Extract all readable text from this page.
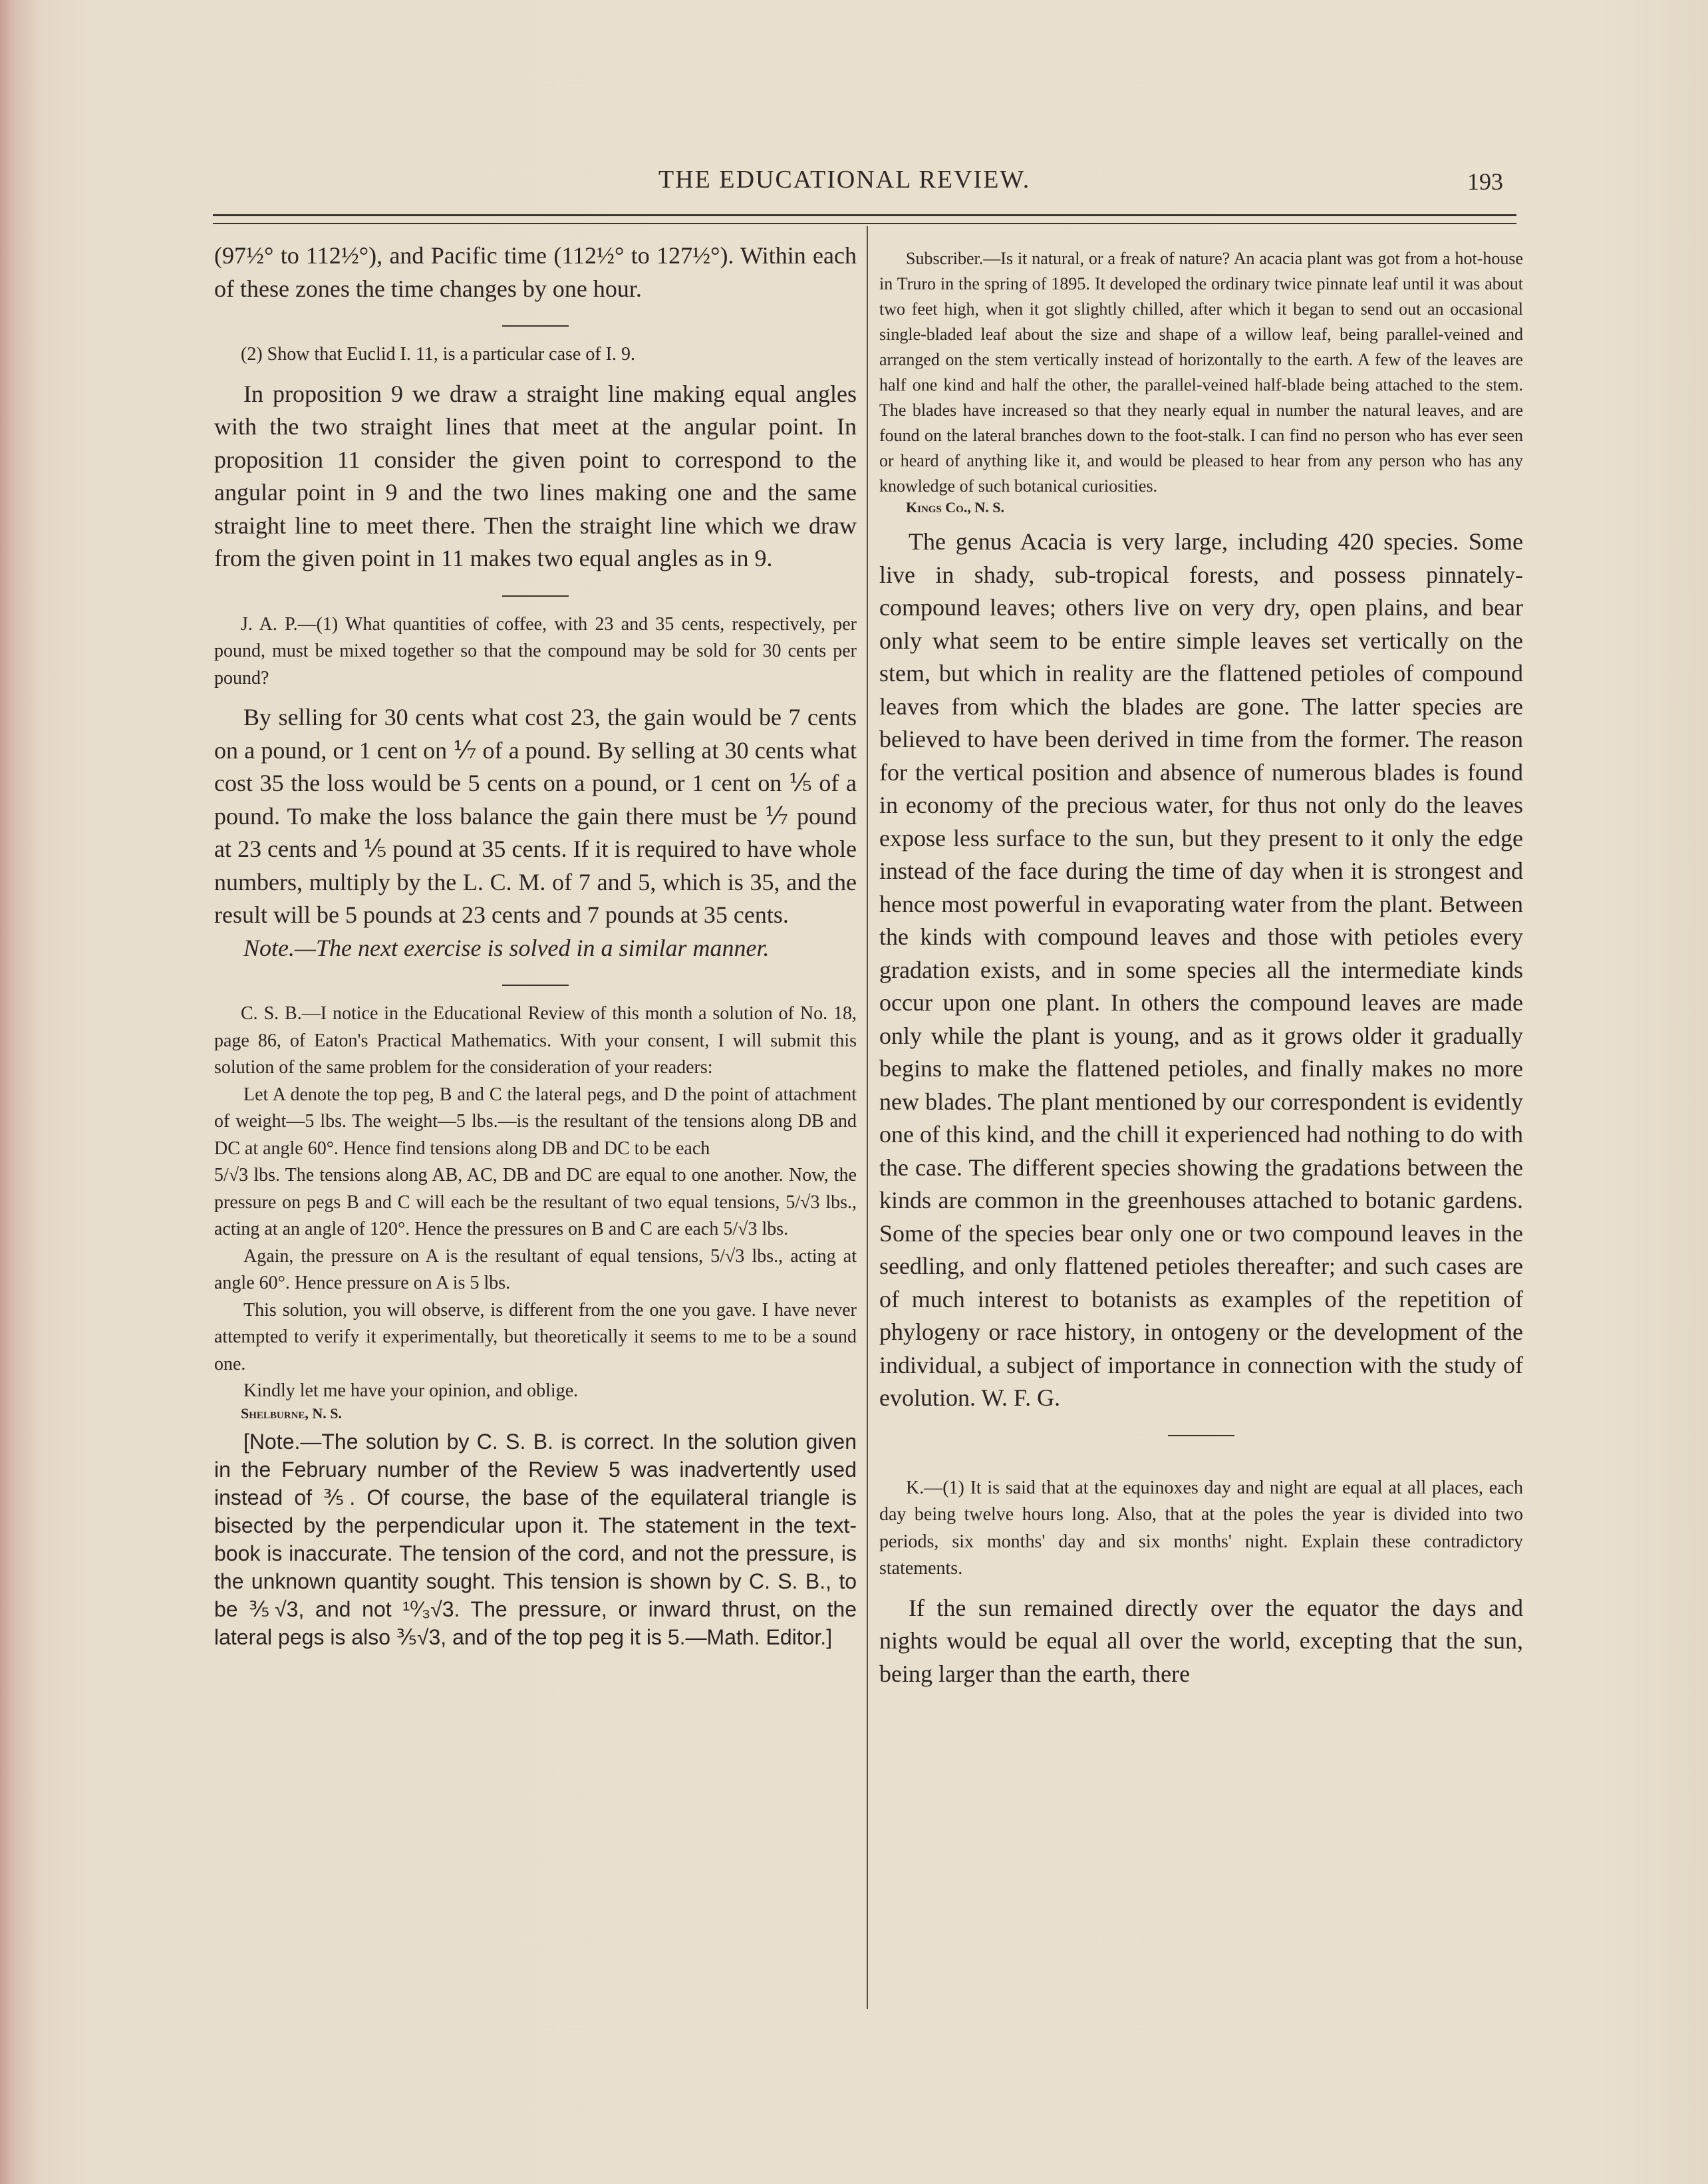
THE EDUCATIONAL REVIEW.	193

(97½° to 112½°), and Pacific time (112½° to 127½°). Within each of these zones the time changes by one hour.

(2) Show that Euclid I. 11, is a particular case of I. 9.

In proposition 9 we draw a straight line making equal angles with the two straight lines that meet at the angular point. In proposition 11 consider the given point to correspond to the angular point in 9 and the two lines making one and the same straight line to meet there. Then the straight line which we draw from the given point in 11 makes two equal angles as in 9.

J. A. P.—(1) What quantities of coffee, with 23 and 35 cents, respectively, per pound, must be mixed together so that the compound may be sold for 30 cents per pound?

By selling for 30 cents what cost 23, the gain would be 7 cents on a pound, or 1 cent on ⅐ of a pound. By selling at 30 cents what cost 35 the loss would be 5 cents on a pound, or 1 cent on ⅕ of a pound. To make the loss balance the gain there must be ⅐ pound at 23 cents and ⅕ pound at 35 cents. If it is required to have whole numbers, multiply by the L. C. M. of 7 and 5, which is 35, and the result will be 5 pounds at 23 cents and 7 pounds at 35 cents.

Note.—The next exercise is solved in a similar manner.

C. S. B.—I notice in the Educational Review of this month a solution of No. 18, page 86, of Eaton's Practical Mathematics. With your consent, I will submit this solution of the same problem for the consideration of your readers:

Let A denote the top peg, B and C the lateral pegs, and D the point of attachment of weight—5 lbs. The weight—5 lbs.—is the resultant of the tensions along DB and DC at angle 60°. Hence find tensions along DB and DC to be each

5/√3 lbs. The tensions along AB, AC, DB and DC are equal to one another. Now, the pressure on pegs B and C will each be the resultant of two equal tensions, 5/√3 lbs., acting at an angle of 120°. Hence the pressures on B and C are each 5/√3 lbs.

Again, the pressure on A is the resultant of equal tensions, 5/√3 lbs., acting at angle 60°. Hence pressure on A is 5 lbs.

This solution, you will observe, is different from the one you gave. I have never attempted to verify it experimentally, but theoretically it seems to me to be a sound one.

Kindly let me have your opinion, and oblige.

Shelburne, N. S.

[Note.—The solution by C. S. B. is correct. In the solution given in the February number of the Review 5 was inadvertently used instead of ⅗. Of course, the base of the equilateral triangle is bisected by the perpendicular upon it. The statement in the text-book is inaccurate. The tension of the cord, and not the pressure, is the unknown quantity sought. This tension is shown by C. S. B., to be ⅗√3, and not ¹⁰⁄₃√3. The pressure, or inward thrust, on the lateral pegs is also ⅗√3, and of the top peg it is 5.—Math. Editor.]

Subscriber.—Is it natural, or a freak of nature? An acacia plant was got from a hot-house in Truro in the spring of 1895. It developed the ordinary twice pinnate leaf until it was about two feet high, when it got slightly chilled, after which it began to send out an occasional single-bladed leaf about the size and shape of a willow leaf, being parallel-veined and arranged on the stem vertically instead of horizontally to the earth. A few of the leaves are half one kind and half the other, the parallel-veined half-blade being attached to the stem. The blades have increased so that they nearly equal in number the natural leaves, and are found on the lateral branches down to the foot-stalk. I can find no person who has ever seen or heard of anything like it, and would be pleased to hear from any person who has any knowledge of such botanical curiosities.

Kings Co., N. S.

The genus Acacia is very large, including 420 species. Some live in shady, sub-tropical forests, and possess pinnately-compound leaves; others live on very dry, open plains, and bear only what seem to be entire simple leaves set vertically on the stem, but which in reality are the flattened petioles of compound leaves from which the blades are gone. The latter species are believed to have been derived in time from the former. The reason for the vertical position and absence of numerous blades is found in economy of the precious water, for thus not only do the leaves expose less surface to the sun, but they present to it only the edge instead of the face during the time of day when it is strongest and hence most powerful in evaporating water from the plant. Between the kinds with compound leaves and those with petioles every gradation exists, and in some species all the intermediate kinds occur upon one plant. In others the compound leaves are made only while the plant is young, and as it grows older it gradually begins to make the flattened petioles, and finally makes no more new blades. The plant mentioned by our correspondent is evidently one of this kind, and the chill it experienced had nothing to do with the case. The different species showing the gradations between the kinds are common in the greenhouses attached to botanic gardens. Some of the species bear only one or two compound leaves in the seedling, and only flattened petioles thereafter; and such cases are of much interest to botanists as examples of the repetition of phylogeny or race history, in ontogeny or the development of the individual, a subject of importance in connection with the study of evolution. W. F. G.

K.—(1) It is said that at the equinoxes day and night are equal at all places, each day being twelve hours long. Also, that at the poles the year is divided into two periods, six months' day and six months' night. Explain these contradictory statements.

If the sun remained directly over the equator the days and nights would be equal all over the world, excepting that the sun, being larger than the earth, there
